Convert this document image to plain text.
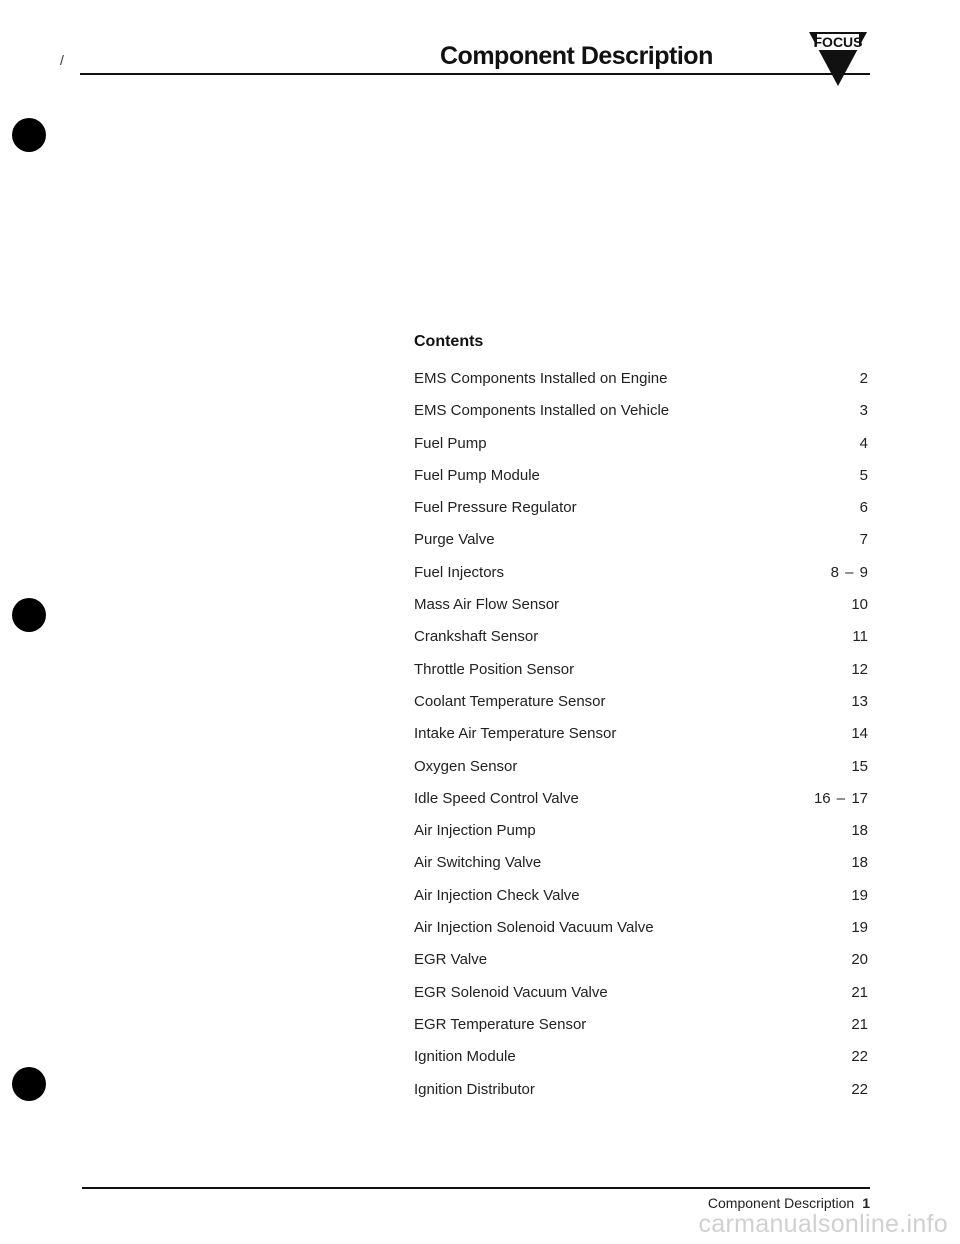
/	Component Description	FOCUS
Contents
EMS Components Installed on Engine	2
EMS Components Installed on Vehicle	3
Fuel Pump	4
Fuel Pump Module	5
Fuel Pressure Regulator	6
Purge Valve	7
Fuel Injectors	8 – 9
Mass Air Flow Sensor	10
Crankshaft Sensor	11
Throttle Position Sensor	12
Coolant Temperature Sensor	13
Intake Air Temperature Sensor	14
Oxygen Sensor	15
Idle Speed Control Valve	16 – 17
Air Injection Pump	18
Air Switching Valve	18
Air Injection Check Valve	19
Air Injection Solenoid Vacuum Valve	19
EGR Valve	20
EGR Solenoid Vacuum Valve	21
EGR Temperature Sensor	21
Ignition Module	22
Ignition Distributor	22
Component Description 1
carmanualsonline.info
